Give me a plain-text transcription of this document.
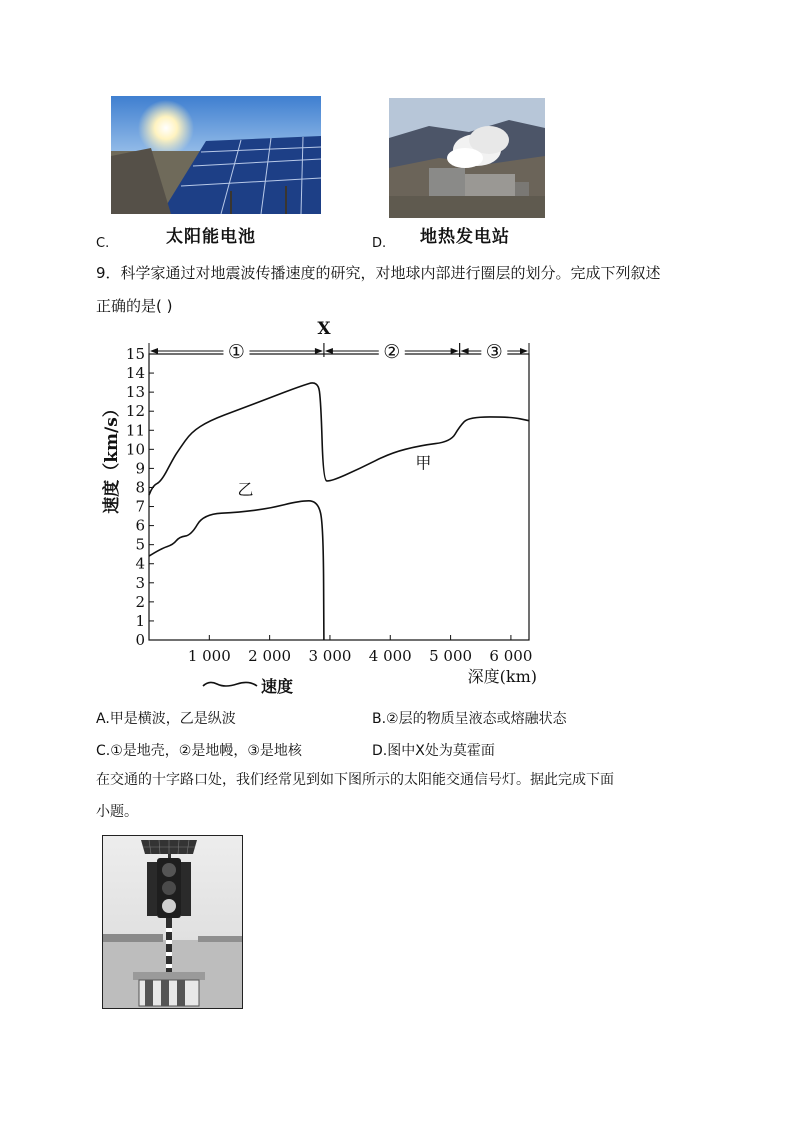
C.	太阳能电池	D. 地热发电站
9．科学家通过对地震波传播速度的研究，对地球内部进行圈层的划分。完成下列叙述
正确的是( )
0
1
2
3
4
5
6
7
8
9
10
11
12
13
14
15
1 000 2 000 3 000 4 000 5 000 6 000
①	②	③
X
甲
乙
速度（km/s）
深度(km)
速度
A.甲是横波，乙是纵波	B.②层的物质呈液态或熔融状态
C.①是地壳，②是地幔，③是地核	D.图中X处为莫霍面
在交通的十字路口处，我们经常见到如下图所示的太阳能交通信号灯。据此完成下面
小题。
